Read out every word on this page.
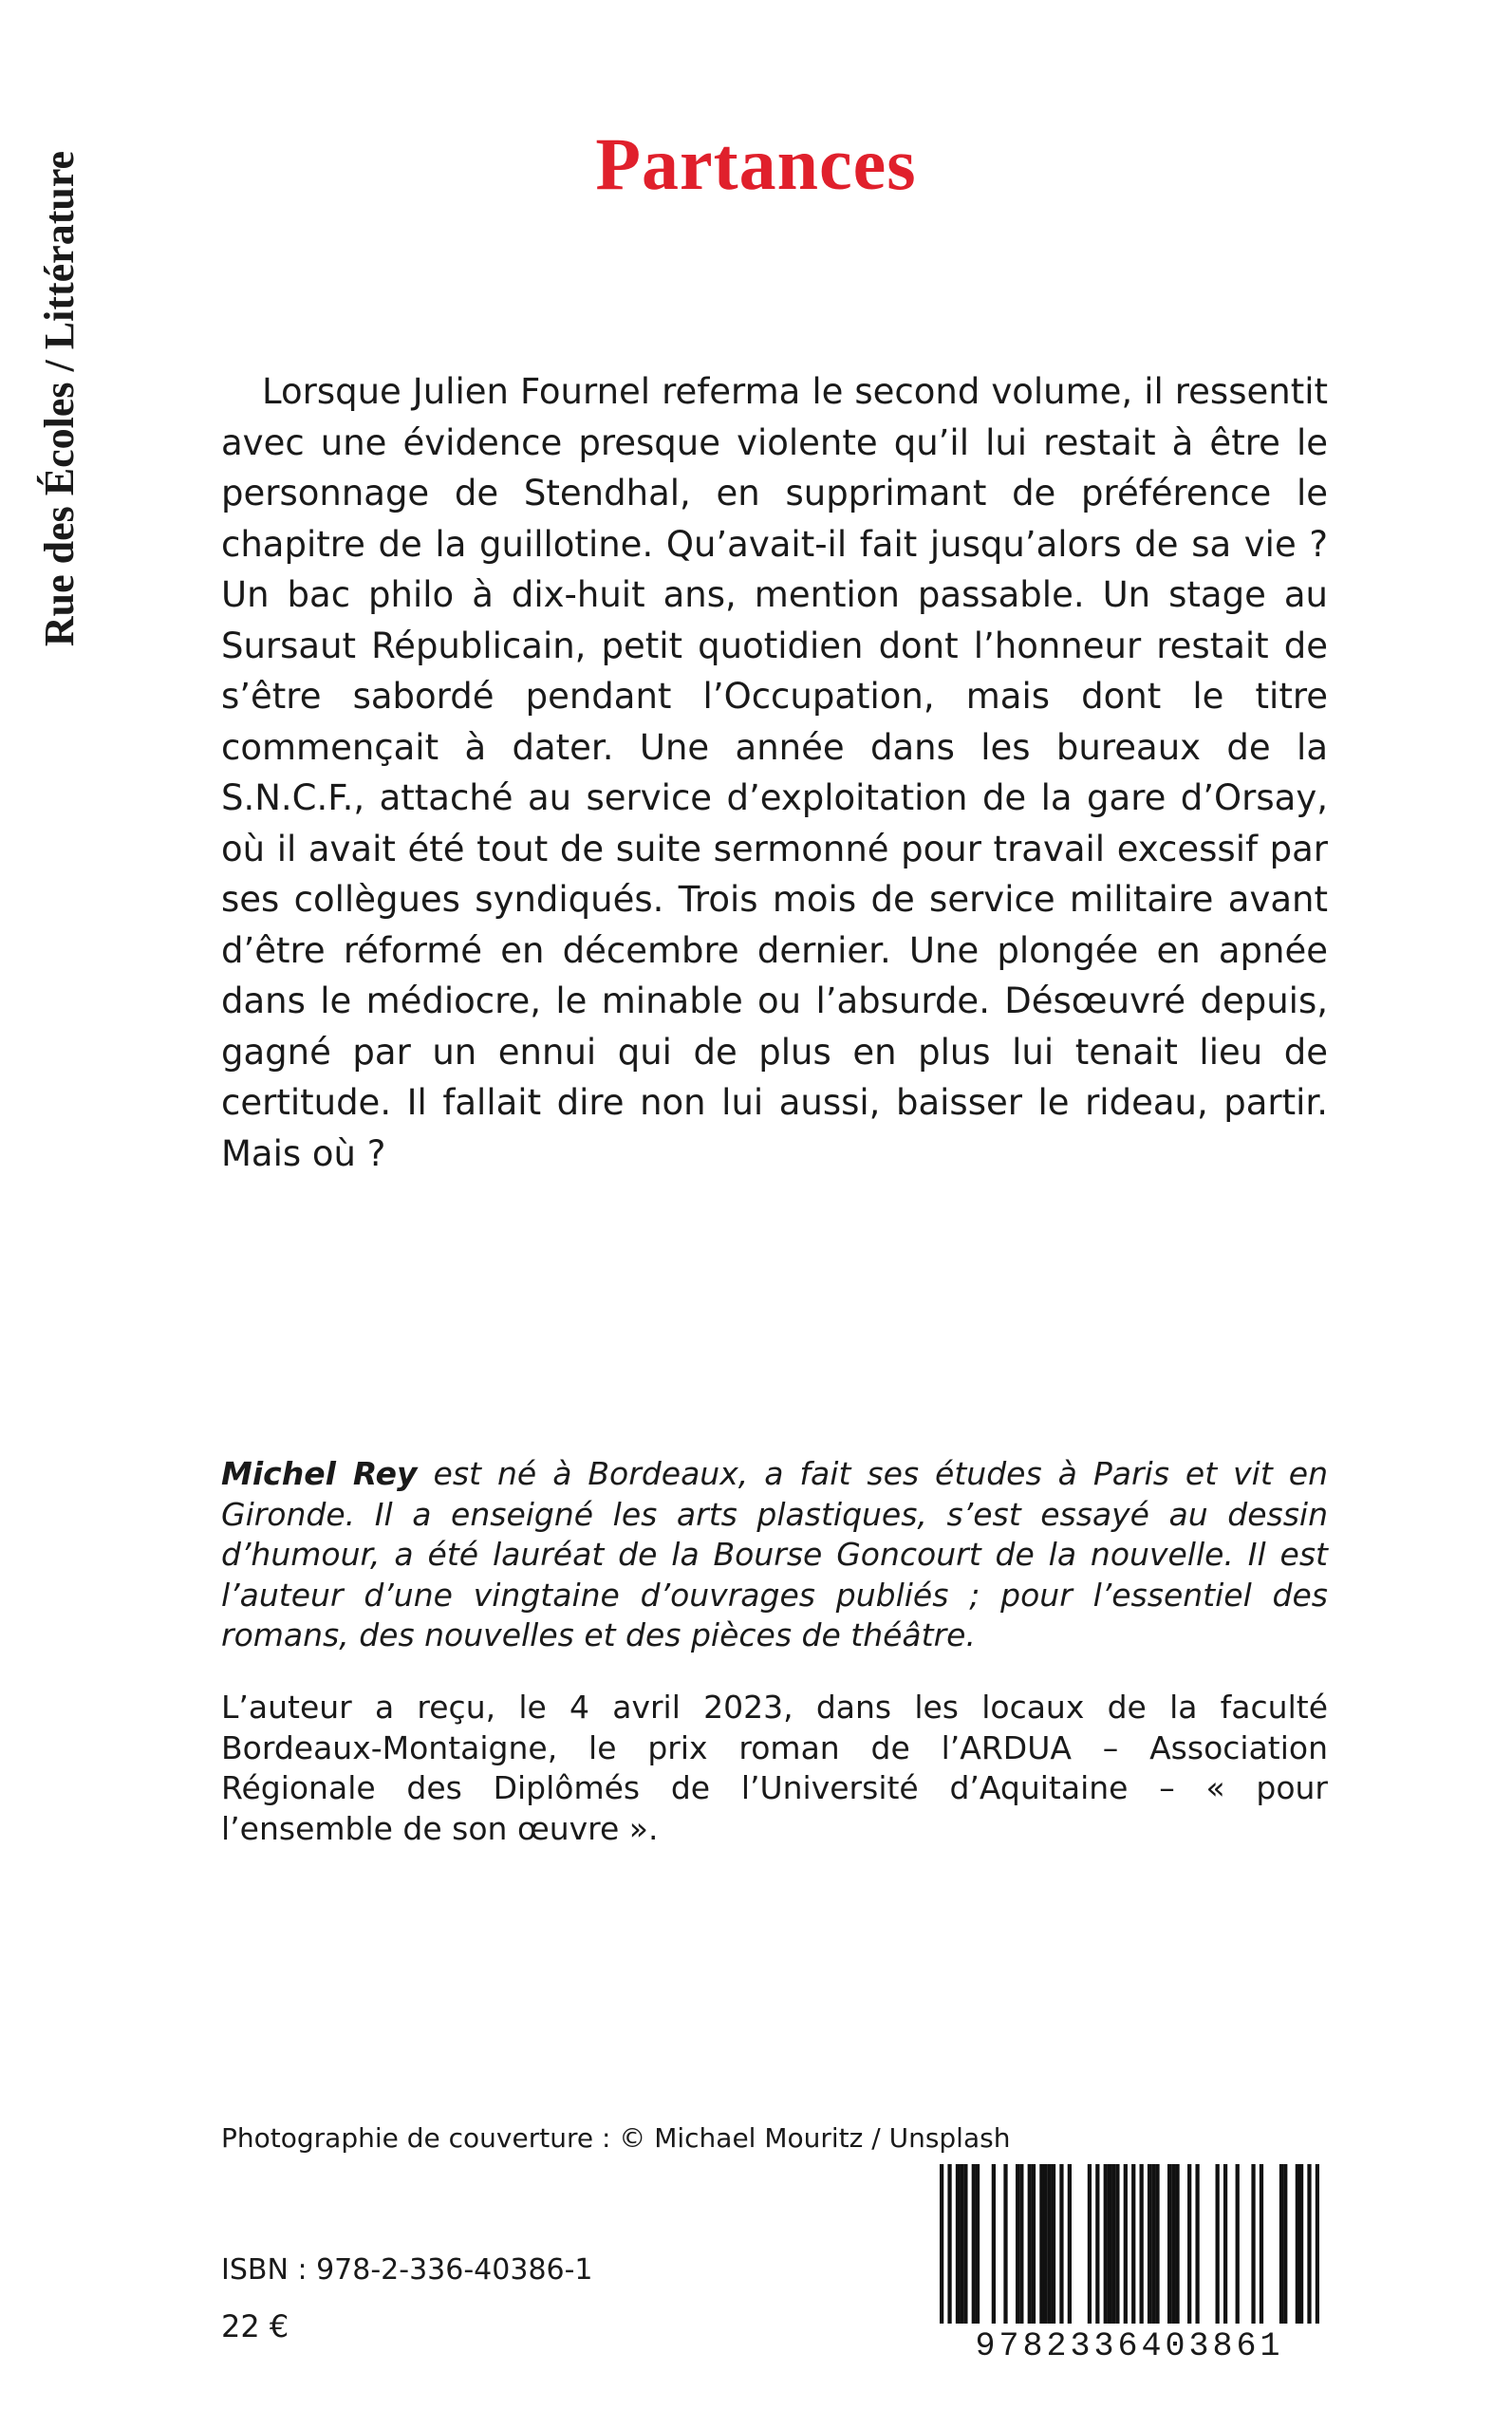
Rue des Écoles / Littérature	Partances

Lorsque Julien Fournel referma le second volume, il ressentit avec une évidence presque violente qu’il lui restait à être le personnage de Stendhal, en supprimant de préférence le chapitre de la guillotine. Qu’avait-il fait jusqu’alors de sa vie ? Un bac philo à dix-huit ans, mention passable. Un stage au Sursaut Républicain, petit quotidien dont l’honneur restait de s’être sabordé pendant l’Occupation, mais dont le titre commençait à dater. Une année dans les bureaux de la S.N.C.F., attaché au service d’exploitation de la gare d’Orsay, où il avait été tout de suite sermonné pour travail excessif par ses collègues syndiqués. Trois mois de service militaire avant d’être réformé en décembre dernier. Une plongée en apnée dans le médiocre, le minable ou l’absurde. Désœuvré depuis, gagné par un ennui qui de plus en plus lui tenait lieu de certitude. Il fallait dire non lui aussi, baisser le rideau, partir. Mais où ?

Michel Rey est né à Bordeaux, a fait ses études à Paris et vit en Gironde. Il a enseigné les arts plastiques, s’est essayé au dessin d’humour, a été lauréat de la Bourse Goncourt de la nouvelle. Il est l’auteur d’une vingtaine d’ouvrages publiés ; pour l’essentiel des romans, des nouvelles et des pièces de théâtre.

L’auteur a reçu, le 4 avril 2023, dans les locaux de la faculté Bordeaux-Montaigne, le prix roman de l’ARDUA – Association Régionale des Diplômés de l’Université d’Aquitaine – « pour l’ensemble de son œuvre ».

Photographie de couverture : © Michael Mouritz / Unsplash
ISBN : 978-2-336-40386-1
22 €
9782336403861
